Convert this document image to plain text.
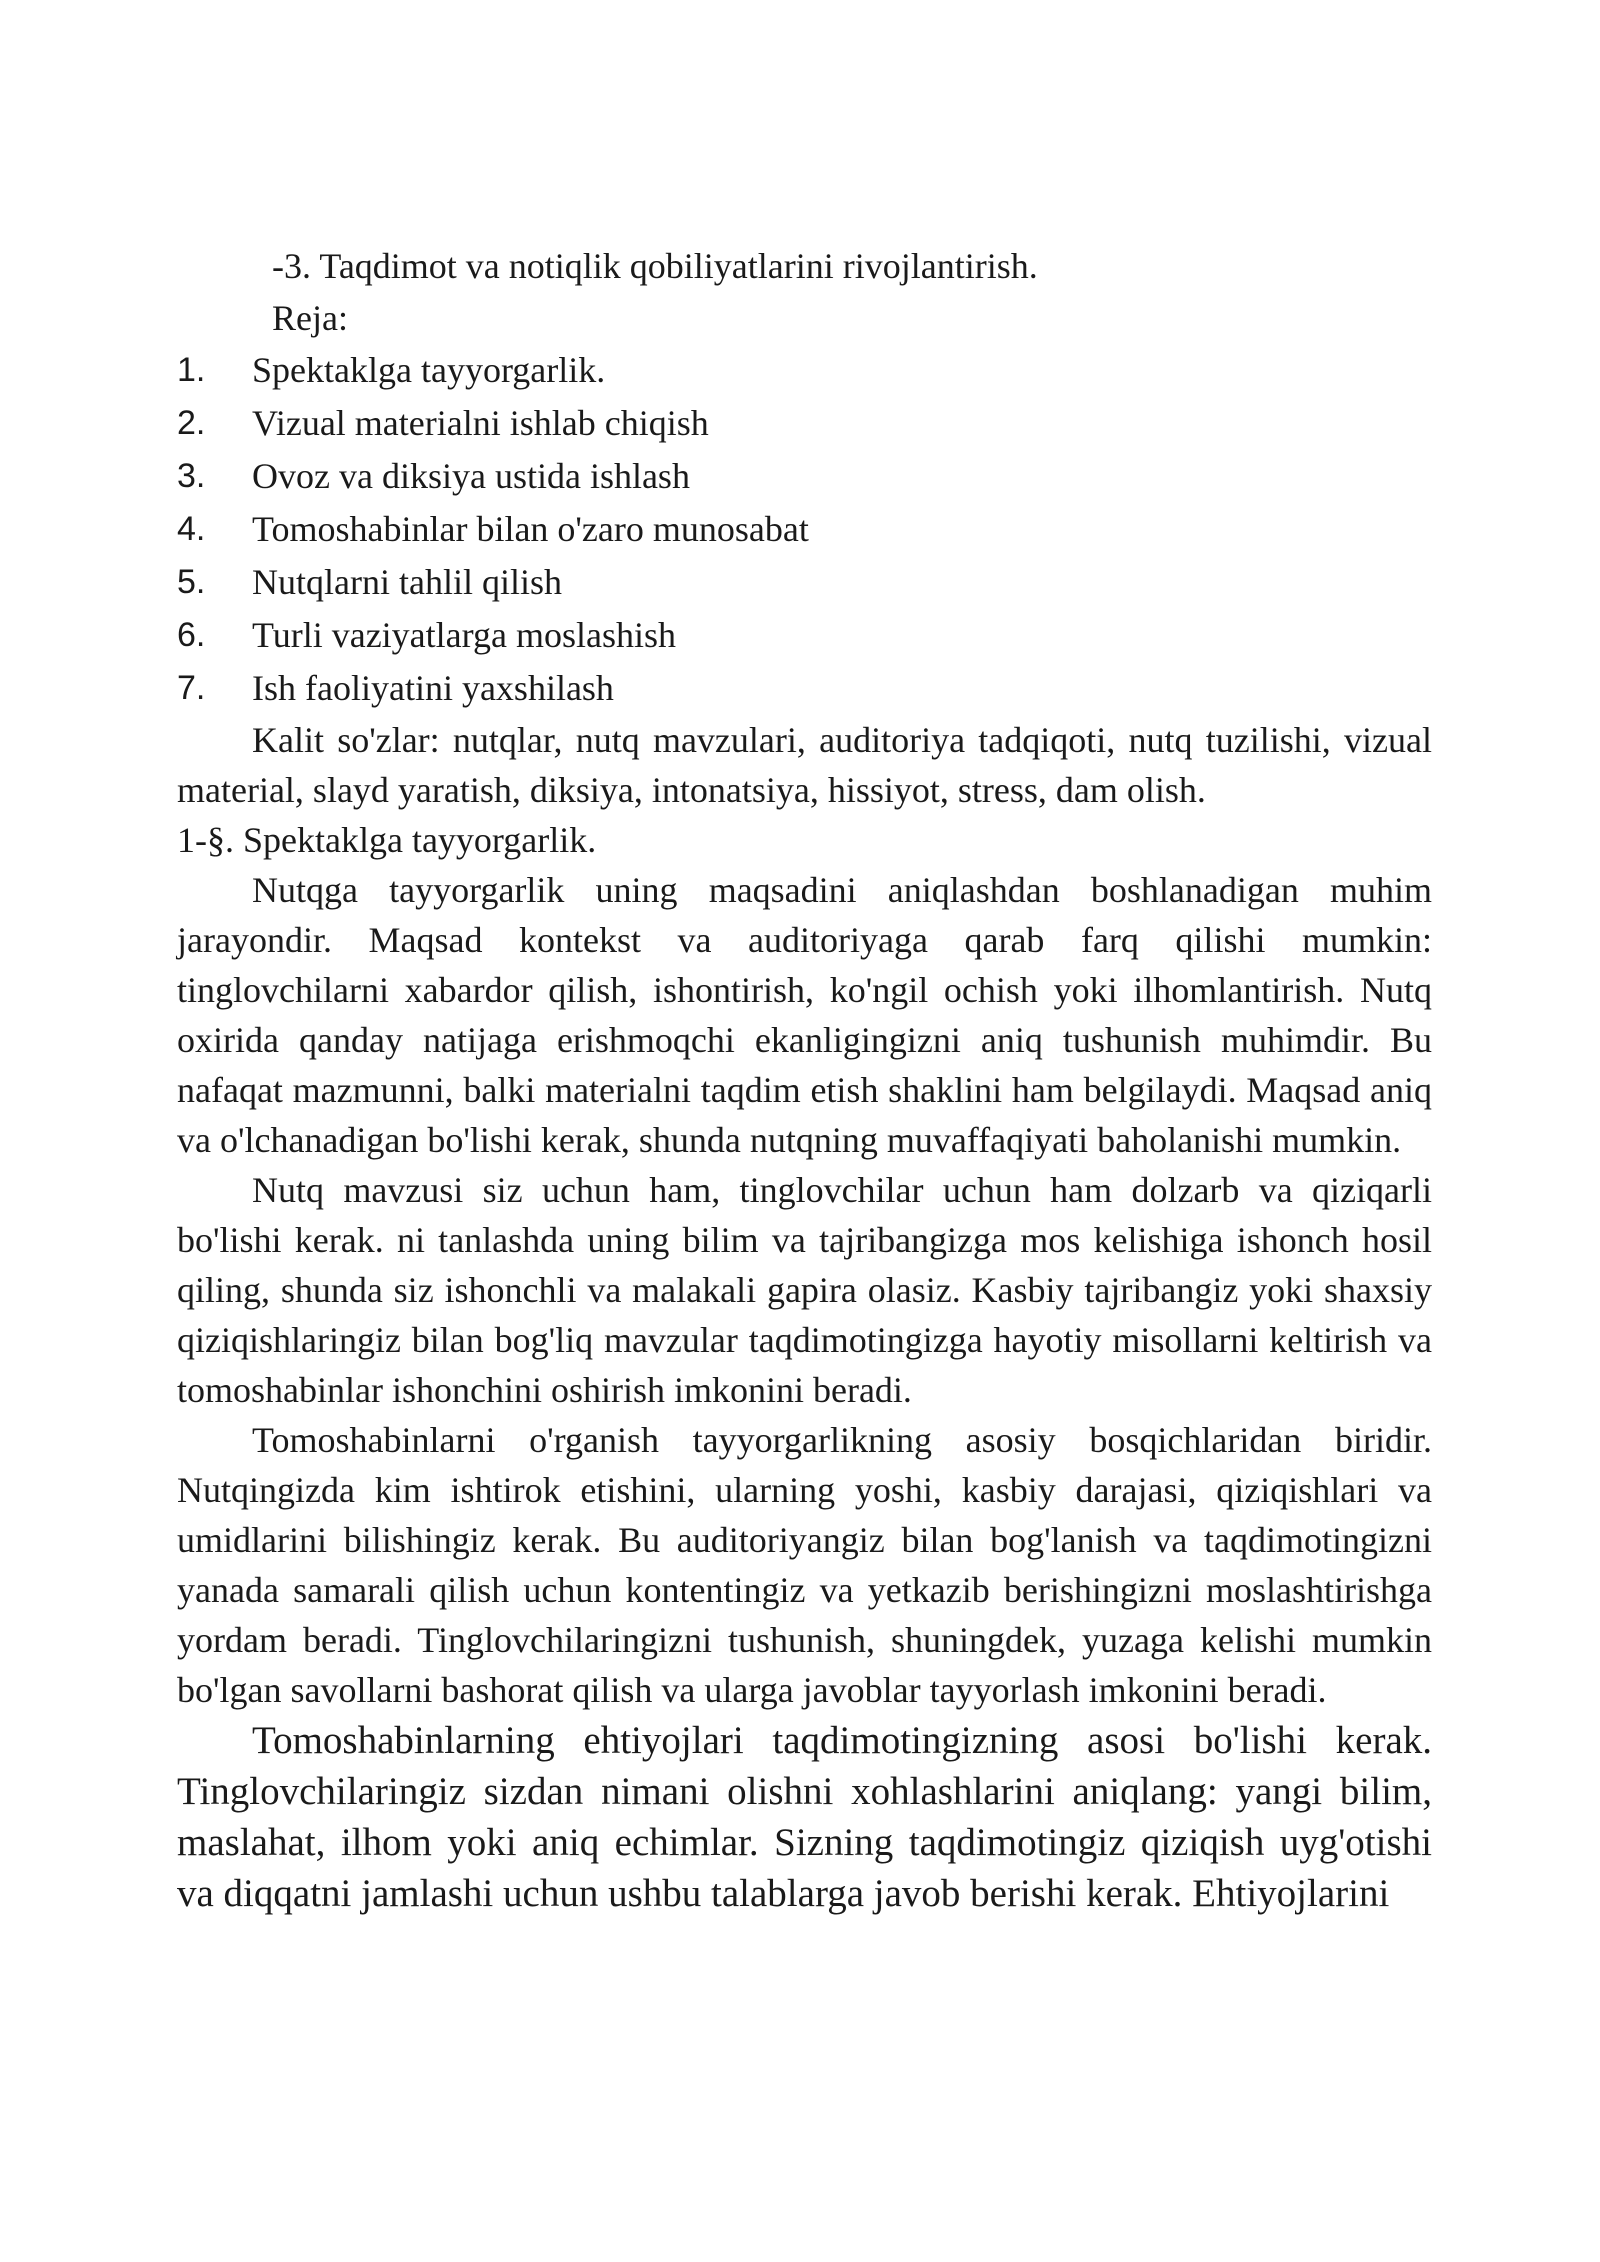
-3. Taqdimot va notiqlik qobiliyatlarini rivojlantirish.
Reja:
1.	Spektaklga tayyorgarlik.
2.	Vizual materialni ishlab chiqish
3.	Ovoz va diksiya ustida ishlash
4.	Tomoshabinlar bilan o'zaro munosabat
5.	Nutqlarni tahlil qilish
6.	Turli vaziyatlarga moslashish
7.	Ish faoliyatini yaxshilash

Kalit so'zlar: nutqlar, nutq mavzulari, auditoriya tadqiqoti, nutq tuzilishi, vizual material, slayd yaratish, diksiya, intonatsiya, hissiyot, stress, dam olish.

1-§. Spektaklga tayyorgarlik.

Nutqga tayyorgarlik uning maqsadini aniqlashdan boshlanadigan muhim jarayondir. Maqsad kontekst va auditoriyaga qarab farq qilishi mumkin: tinglovchilarni xabardor qilish, ishontirish, ko'ngil ochish yoki ilhomlantirish. Nutq oxirida qanday natijaga erishmoqchi ekanligingizni aniq tushunish muhimdir. Bu nafaqat mazmunni, balki materialni taqdim etish shaklini ham belgilaydi. Maqsad aniq va o'lchanadigan bo'lishi kerak, shunda nutqning muvaffaqiyati baholanishi mumkin.

Nutq mavzusi siz uchun ham, tinglovchilar uchun ham dolzarb va qiziqarli bo'lishi kerak. ni tanlashda uning bilim va tajribangizga mos kelishiga ishonch hosil qiling, shunda siz ishonchli va malakali gapira olasiz. Kasbiy tajribangiz yoki shaxsiy qiziqishlaringiz bilan bog'liq mavzular taqdimotingizga hayotiy misollarni keltirish va tomoshabinlar ishonchini oshirish imkonini beradi.

Tomoshabinlarni o'rganish tayyorgarlikning asosiy bosqichlaridan biridir. Nutqingizda kim ishtirok etishini, ularning yoshi, kasbiy darajasi, qiziqishlari va umidlarini bilishingiz kerak. Bu auditoriyangiz bilan bog'lanish va taqdimotingizni yanada samarali qilish uchun kontentingiz va yetkazib berishingizni moslashtirishga yordam beradi. Tinglovchilaringizni tushunish, shuningdek, yuzaga kelishi mumkin bo'lgan savollarni bashorat qilish va ularga javoblar tayyorlash imkonini beradi.

Tomoshabinlarning ehtiyojlari taqdimotingizning asosi bo'lishi kerak. Tinglovchilaringiz sizdan nimani olishni xohlashlarini aniqlang: yangi bilim, maslahat, ilhom yoki aniq echimlar. Sizning taqdimotingiz qiziqish uyg'otishi va diqqatni jamlashi uchun ushbu talablarga javob berishi kerak. Ehtiyojlarini
